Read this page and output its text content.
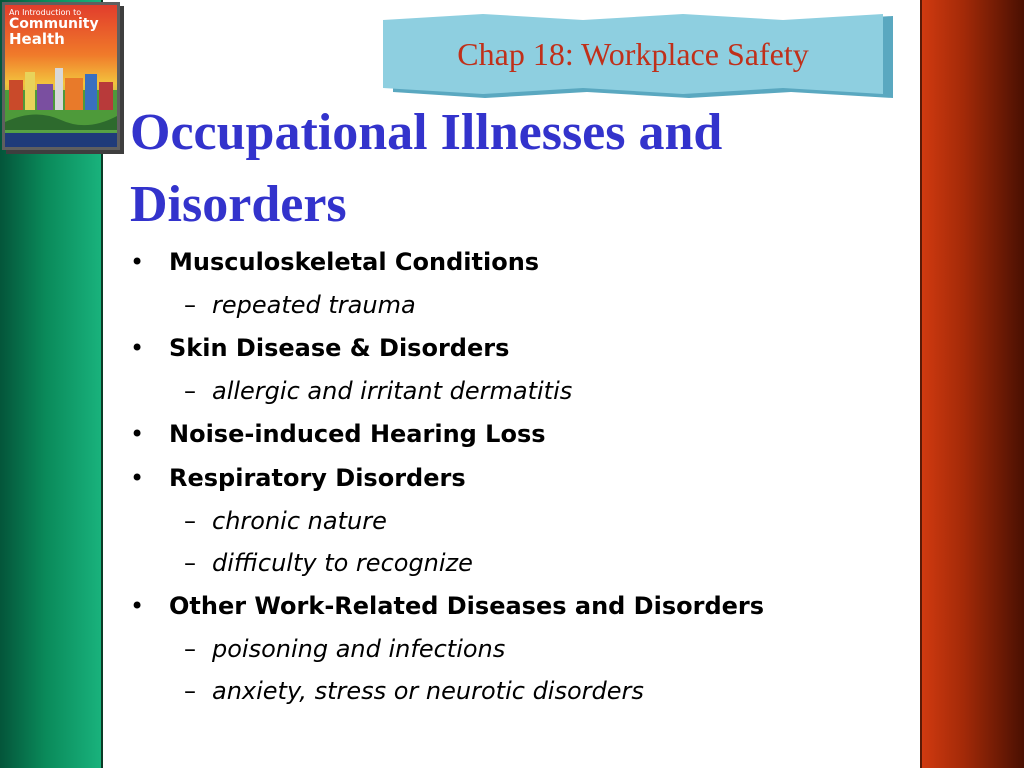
An Introduction to
Community
Health	Chap 18: Workplace Safety
Occupational Illnesses and Disorders
• Musculoskeletal Conditions
– repeated trauma
• Skin Disease & Disorders
– allergic and irritant dermatitis
• Noise-induced Hearing Loss
• Respiratory Disorders
– chronic nature
– difficulty to recognize
• Other Work-Related Diseases and Disorders
– poisoning and infections
– anxiety, stress or neurotic disorders
